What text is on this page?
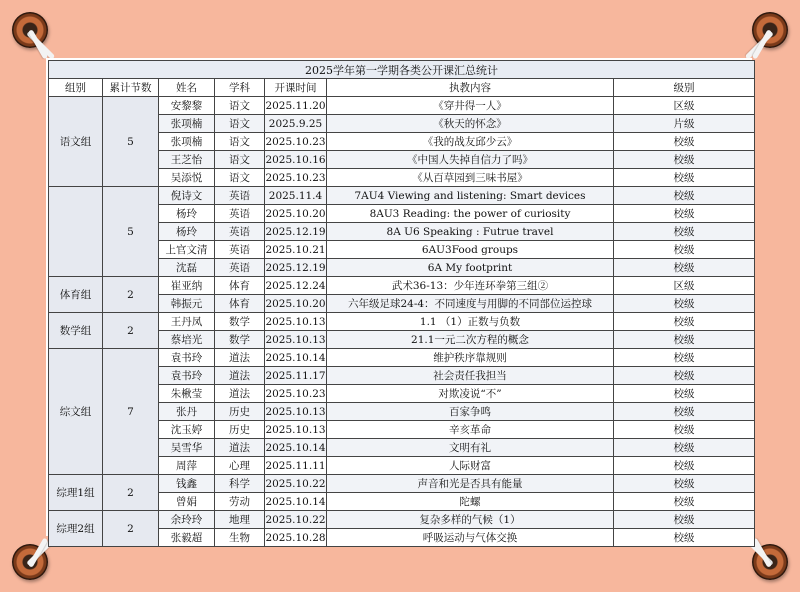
2025学年第一学期各类公开课汇总统计						
组别	累计节数	姓名	学科	开课时间	执教内容	级别
语文组	5	安黎黎	语文	2025.11.20	《穿井得一人》	区级
		张项楠	语文	2025.9.25	《秋天的怀念》	片级
		张项楠	语文	2025.10.23	《我的战友邱少云》	校级
		王芝怡	语文	2025.10.16	《中国人失掉自信力了吗》	校级
		吴添悦	语文	2025.10.23	《从百草园到三味书屋》	校级
	5	倪诗文	英语	2025.11.4	7AU4 Viewing and listening: Smart devices	校级
		杨玲	英语	2025.10.20	8AU3 Reading: the power of curiosity	校级
		杨玲	英语	2025.12.19	8A U6 Speaking : Futrue travel	校级
		上官文清	英语	2025.10.21	6AU3Food groups	校级
		沈磊	英语	2025.12.19	6A My footprint	校级
体育组	2	崔亚纳	体育	2025.12.24	武术36-13：少年连环拳第三组②	区级
		韩振元	体育	2025.10.20	六年级足球24-4：不同速度与用脚的不同部位运控球	校级
数学组	2	王丹凤	数学	2025.10.13	1.1 （1）正数与负数	校级
		蔡培光	数学	2025.10.13	21.1一元二次方程的概念	校级
综文组	7	袁书玲	道法	2025.10.14	维护秩序靠规则	校级
		袁书玲	道法	2025.11.17	社会责任我担当	校级
		朱楸莹	道法	2025.10.23	对欺凌说“不”	校级
		张丹	历史	2025.10.13	百家争鸣	校级
		沈玉婷	历史	2025.10.13	辛亥革命	校级
		吴雪华	道法	2025.10.14	文明有礼	校级
		周萍	心理	2025.11.11	人际财富	校级
综理1组	2	钱鑫	科学	2025.10.22	声音和光是否具有能量	校级
		曾娟	劳动	2025.10.14	陀螺	校级
综理2组	2	余玲玲	地理	2025.10.22	复杂多样的气候（1）	校级
		张毅超	生物	2025.10.28	呼吸运动与气体交换	校级
